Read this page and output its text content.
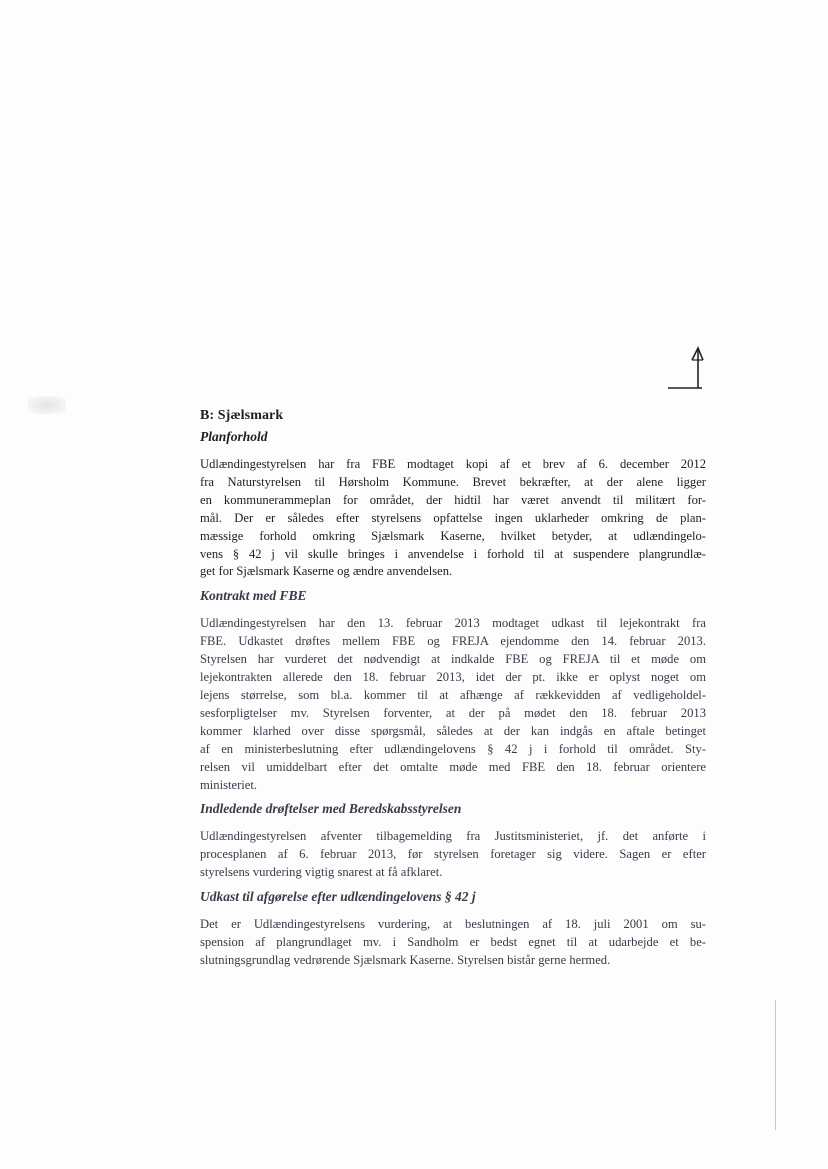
B: Sjælsmark
Planforhold
Udlændingestyrelsen har fra FBE modtaget kopi af et brev af 6. december 2012
fra Naturstyrelsen til Hørsholm Kommune. Brevet bekræfter, at der alene ligger
en kommunerammeplan for området, der hidtil har været anvendt til militært for-
mål. Der er således efter styrelsens opfattelse ingen uklarheder omkring de plan-
mæssige forhold omkring Sjælsmark Kaserne, hvilket betyder, at udlændingelo-
vens § 42 j vil skulle bringes i anvendelse i forhold til at suspendere plangrundlæ-
get for Sjælsmark Kaserne og ændre anvendelsen.
Kontrakt med FBE
Udlændingestyrelsen har den 13. februar 2013 modtaget udkast til lejekontrakt fra
FBE. Udkastet drøftes mellem FBE og FREJA ejendomme den 14. februar 2013.
Styrelsen har vurderet det nødvendigt at indkalde FBE og FREJA til et møde om
lejekontrakten allerede den 18. februar 2013, idet der pt. ikke er oplyst noget om
lejens størrelse, som bl.a. kommer til at afhænge af rækkevidden af vedligeholdel-
sesforpligtelser mv. Styrelsen forventer, at der på mødet den 18. februar 2013
kommer klarhed over disse spørgsmål, således at der kan indgås en aftale betinget
af en ministerbeslutning efter udlændingelovens § 42 j i forhold til området. Sty-
relsen vil umiddelbart efter det omtalte møde med FBE den 18. februar orientere
ministeriet.
Indledende drøftelser med Beredskabsstyrelsen
Udlændingestyrelsen afventer tilbagemelding fra Justitsministeriet, jf. det anførte i
procesplanen af 6. februar 2013, før styrelsen foretager sig videre. Sagen er efter
styrelsens vurdering vigtig snarest at få afklaret.
Udkast til afgørelse efter udlændingelovens § 42 j
Det er Udlændingestyrelsens vurdering, at beslutningen af 18. juli 2001 om su-
spension af plangrundlaget mv. i Sandholm er bedst egnet til at udarbejde et be-
slutningsgrundlag vedrørende Sjælsmark Kaserne. Styrelsen bistår gerne hermed.
